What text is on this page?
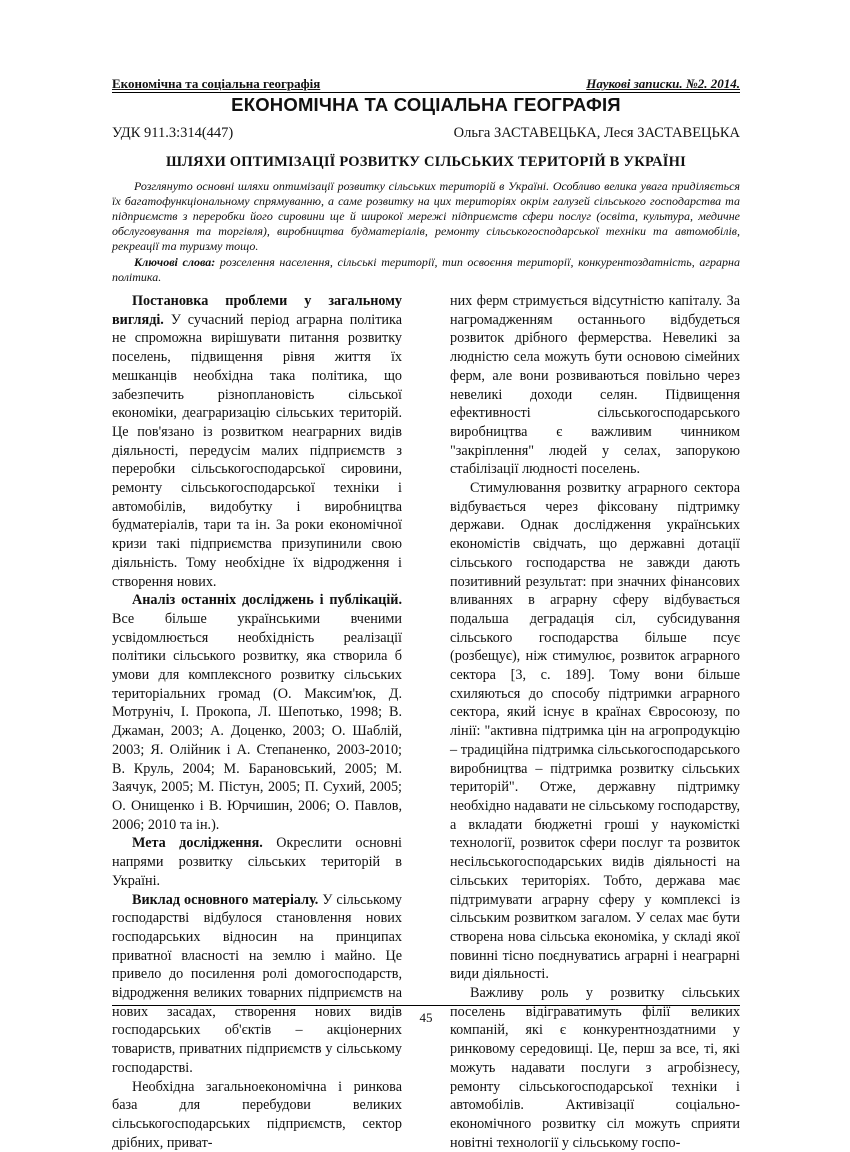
Економічна та соціальна географія	Наукові записки. №2. 2014.
ЕКОНОМІЧНА ТА СОЦІАЛЬНА ГЕОГРАФІЯ
УДК 911.3:314(447)	Ольга ЗАСТАВЕЦЬКА, Леся ЗАСТАВЕЦЬКА
ШЛЯХИ ОПТИМІЗАЦІЇ РОЗВИТКУ СІЛЬСЬКИХ ТЕРИТОРІЙ В УКРАЇНІ
Розглянуто основні шляхи оптимізації розвитку сільських територій в Україні. Особливо велика увага приділяється їх багатофункціональному спрямуванню, а саме розвитку на цих територіях окрім галузей сільського господарства та підприємств з переробки його сировини ще й широкої мережі підприємств сфери послуг (освіта, культура, медичне обслуговування та торгівля), виробництва будматеріалів, ремонту сільськогосподарської техніки та автомобілів, рекреації та туризму тощо.
Ключові слова: розселення населення, сільські території, тип освоєння території, конкурентоздатність, аграрна політика.

Постановка проблеми у загальному вигляді. У сучасний період аграрна політика не спроможна вирішувати питання розвитку поселень, підвищення рівня життя їх мешканців необхідна така політика, що забезпечить різноплановість сільської економіки, деаграризацію сільських територій. Це пов'язано із розвитком неаграрних видів діяльності, передусім малих підприємств з переробки сільськогосподарської сировини, ремонту сільськогосподарської техніки і автомобілів, видобутку і виробництва будматеріалів, тари та ін. За роки економічної кризи такі підприємства призупинили свою діяльність. Тому необхідне їх відродження і створення нових.

Аналіз останніх досліджень і публікацій. Все більше українськими вченими усвідомлюється необхідність реалізації політики сільського розвитку, яка створила б умови для комплексного розвитку сільських територіальних громад (О. Максим'юк, Д. Мотруніч, І. Прокопа, Л. Шепотько, 1998; В. Джаман, 2003; А. Доценко, 2003; О. Шаблій, 2003; Я. Олійник і А. Степаненко, 2003-2010; В. Круль, 2004; М. Барановський, 2005; М. Заячук, 2005; М. Пістун, 2005; П. Сухий, 2005; О. Онищенко і В. Юрчишин, 2006; О. Павлов, 2006; 2010 та ін.).

Мета дослідження. Окреслити основні напрями розвитку сільських територій в Україні.

Виклад основного матеріалу. У сільському господарстві відбулося становлення нових господарських відносин на принципах приватної власності на землю і майно. Це привело до посилення ролі домогосподарств, відродження великих товарних підприємств на нових засадах, створення нових видів господарських об'єктів – акціонерних товариств, приватних підприємств у сільському господарстві.

Необхідна загальноекономічна і ринкова база для перебудови великих сільськогосподарських підприємств, сектор дрібних, приват-

них ферм стримується відсутністю капіталу. За нагромадженням останнього відбудеться розвиток дрібного фермерства. Невеликі за людністю села можуть бути основою сімейних ферм, але вони розвиваються повільно через невеликі доходи селян. Підвищення ефективності сільськогосподарського виробництва є важливим чинником "закріплення" людей у селах, запорукою стабілізації людності поселень.

Стимулювання розвитку аграрного сектора відбувається через фіксовану підтримку держави. Однак дослідження українських економістів свідчать, що державні дотації сільського господарства не завжди дають позитивний результат: при значних фінансових вливаннях в аграрну сферу відбувається подальша деградація сіл, субсидування сільського господарства більше псує (розбещує), ніж стимулює, розвиток аграрного сектора [3, с. 189]. Тому вони більше схиляються до способу підтримки аграрного сектора, який існує в країнах Євросоюзу, по лінії: "активна підтримка цін на агропродукцію – традиційна підтримка сільськогосподарського виробництва – підтримка розвитку сільських територій". Отже, державну підтримку необхідно надавати не сільському господарству, а вкладати бюджетні гроші у наукомісткі технології, розвиток сфери послуг та розвиток несільськогосподарських видів діяльності на сільських територіях. Тобто, держава має підтримувати аграрну сферу у комплексі із сільським розвитком загалом. У селах має бути створена нова сільська економіка, у складі якої повинні тісно поєднуватись аграрні і неаграрні види діяльності.

Важливу роль у розвитку сільських поселень відіграватимуть філії великих компаній, які є конкурентноздатними у ринковому середовищі. Це, перш за все, ті, які можуть надавати послуги з агробізнесу, ремонту сільськогосподарської техніки і автомобілів. Активізації соціально-економічного розвитку сіл можуть сприяти новітні технології у сільському госпо-

45
